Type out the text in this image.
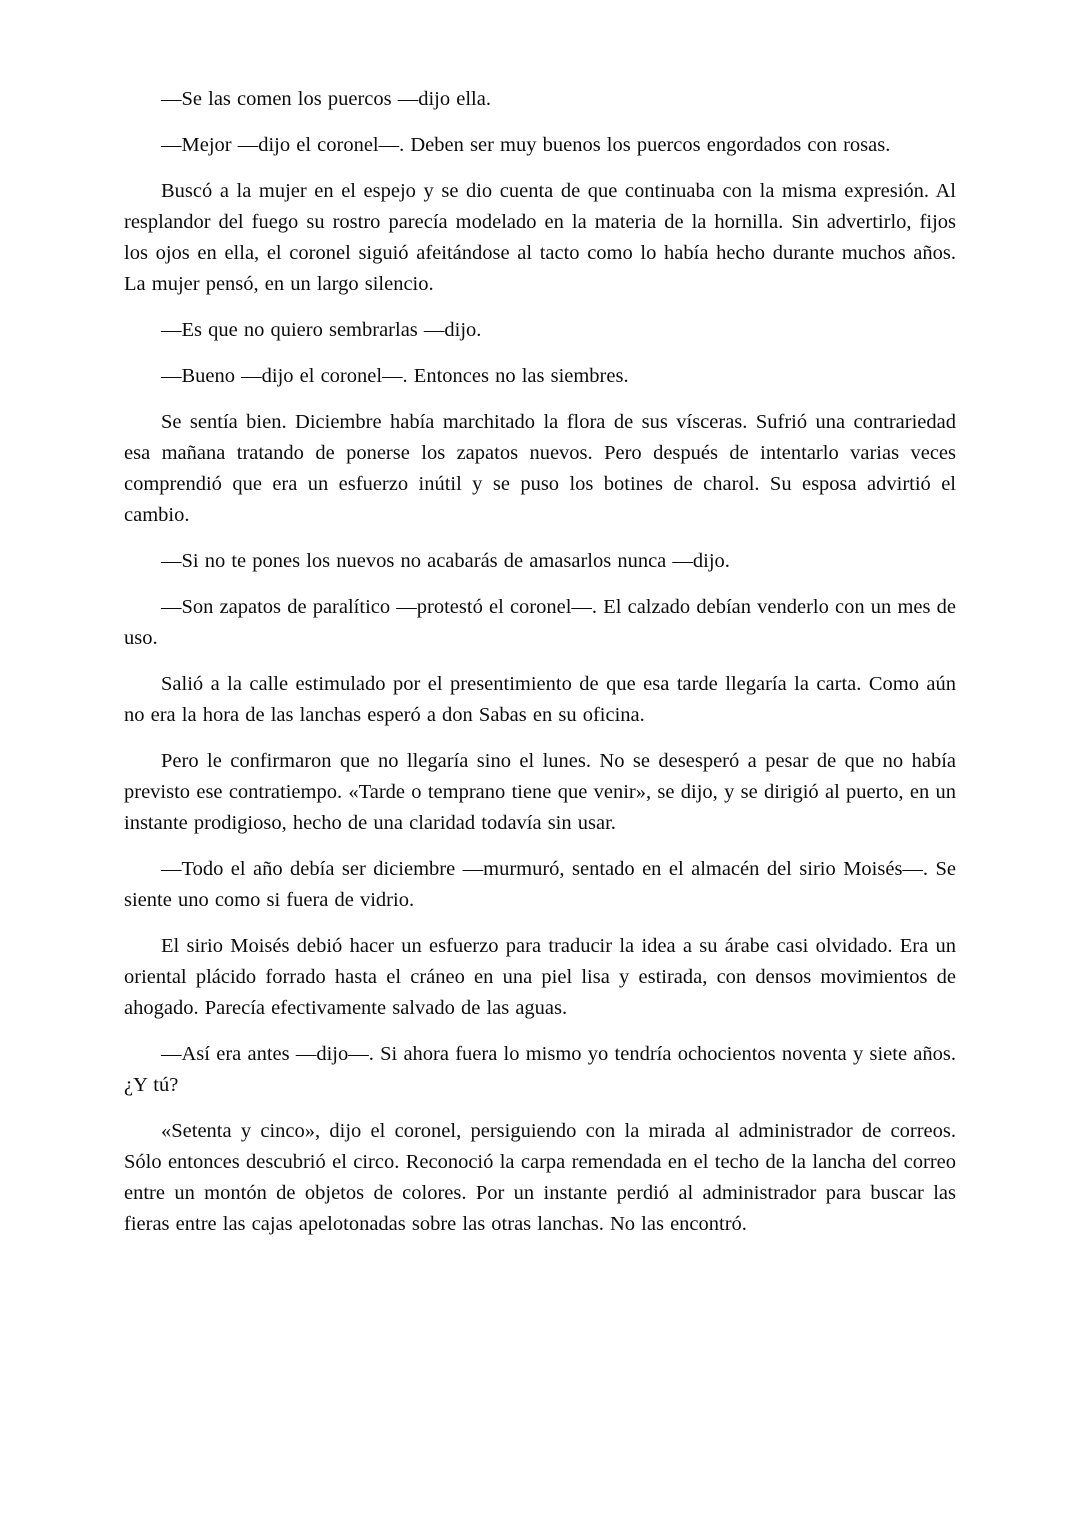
—Se las comen los puercos —dijo ella.

—Mejor —dijo el coronel—. Deben ser muy buenos los puercos engordados con rosas.

Buscó a la mujer en el espejo y se dio cuenta de que continuaba con la misma expresión. Al resplandor del fuego su rostro parecía modelado en la materia de la hornilla. Sin advertirlo, fijos los ojos en ella, el coronel siguió afeitándose al tacto como lo había hecho durante muchos años. La mujer pensó, en un largo silencio.

—Es que no quiero sembrarlas —dijo.

—Bueno —dijo el coronel—. Entonces no las siembres.

Se sentía bien. Diciembre había marchitado la flora de sus vísceras. Sufrió una contrariedad esa mañana tratando de ponerse los zapatos nuevos. Pero después de intentarlo varias veces comprendió que era un esfuerzo inútil y se puso los botines de charol. Su esposa advirtió el cambio.

—Si no te pones los nuevos no acabarás de amasarlos nunca —dijo.

—Son zapatos de paralítico —protestó el coronel—. El calzado debían venderlo con un mes de uso.

Salió a la calle estimulado por el presentimiento de que esa tarde llegaría la carta. Como aún no era la hora de las lanchas esperó a don Sabas en su oficina.

Pero le confirmaron que no llegaría sino el lunes. No se desesperó a pesar de que no había previsto ese contratiempo. «Tarde o temprano tiene que venir», se dijo, y se dirigió al puerto, en un instante prodigioso, hecho de una claridad todavía sin usar.

—Todo el año debía ser diciembre —murmuró, sentado en el almacén del sirio Moisés—. Se siente uno como si fuera de vidrio.

El sirio Moisés debió hacer un esfuerzo para traducir la idea a su árabe casi olvidado. Era un oriental plácido forrado hasta el cráneo en una piel lisa y estirada, con densos movimientos de ahogado. Parecía efectivamente salvado de las aguas.

—Así era antes —dijo—. Si ahora fuera lo mismo yo tendría ochocientos noventa y siete años. ¿Y tú?

«Setenta y cinco», dijo el coronel, persiguiendo con la mirada al administrador de correos. Sólo entonces descubrió el circo. Reconoció la carpa remendada en el techo de la lancha del correo entre un montón de objetos de colores. Por un instante perdió al administrador para buscar las fieras entre las cajas apelotonadas sobre las otras lanchas. No las encontró.
